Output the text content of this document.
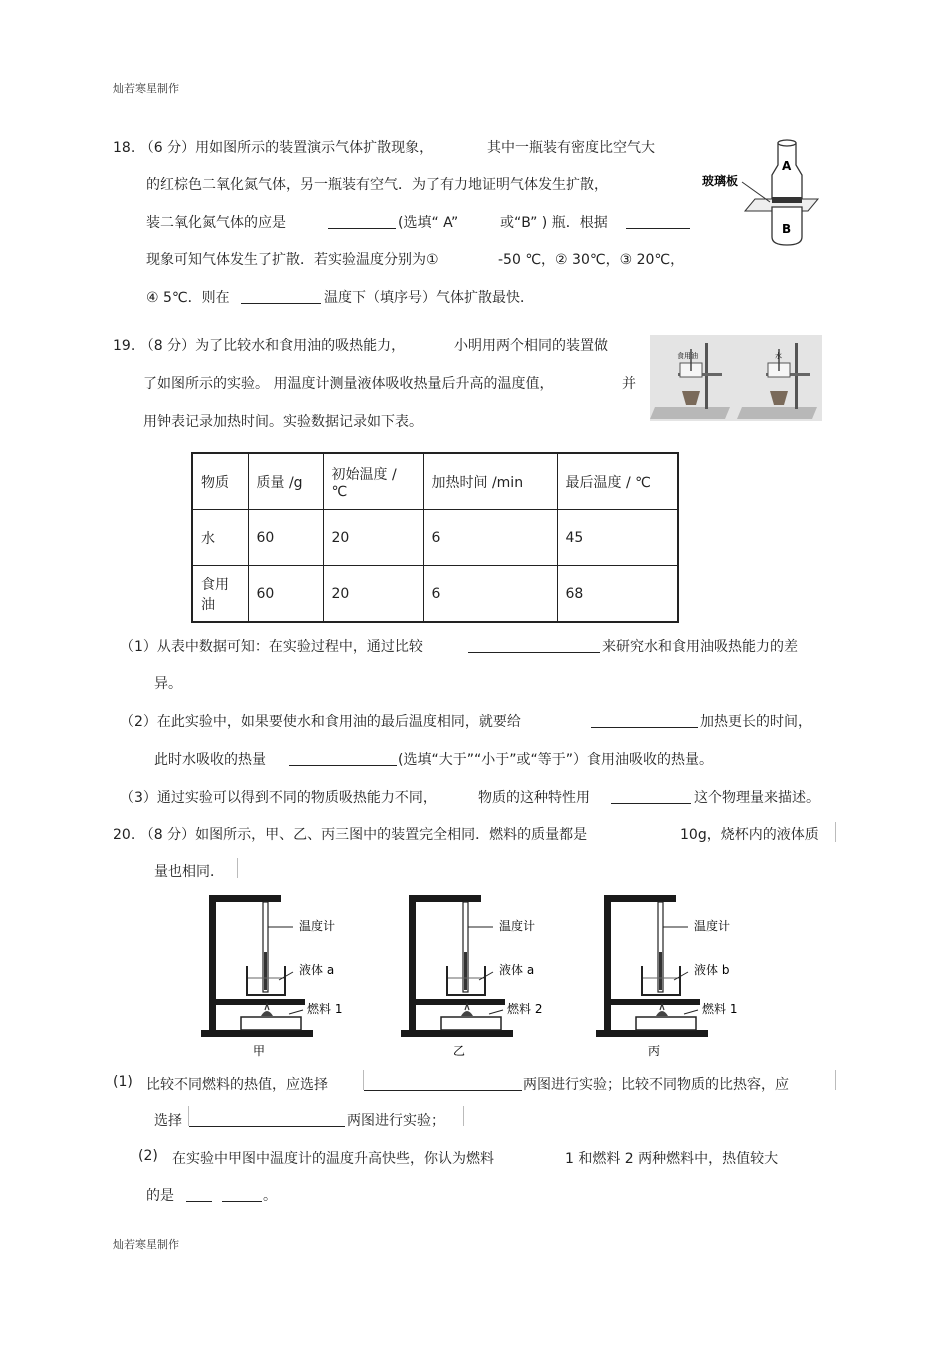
灿若寒星制作
灿若寒星制作
18. （6 分）用如图所示的装置演示气体扩散现象，	其中一瓶装有密度比空气大
的红棕色二氧化氮气体，另一瓶装有空气．为了有力地证明气体发生扩散，
装二氧化氮气体的应是	(选填“ A”	或“B” ) 瓶．根据
现象可知气体发生了扩散．若实验温度分别为①	-50 ℃，② 30℃，③ 20℃，
④ 5℃．则在	温度下（填序号）气体扩散最快．
A
B
玻璃板
19. （8 分）为了比较水和食用油的吸热能力，	小明用两个相同的装置做
了如图所示的实验。 用温度计测量液体吸收热量后升高的温度值，	并
用钟表记录加热时间。实验数据记录如下表。
食用油	水
物质	质量 /g	初始温度 / ℃	加热时间 /min	最后温度 / ℃
水	60	20	6	45
食用油	60	20	6	68
（1）从表中数据可知：在实验过程中，通过比较	来研究水和食用油吸热能力的差
异。
（2）在此实验中，如果要使水和食用油的最后温度相同，就要给	加热更长的时间，
此时水吸收的热量	(选填“大于”“小于”或“等于”）食用油吸收的热量。
（3）通过实验可以得到不同的物质吸热能力不同，	物质的这种特性用	这个物理量来描述。
20. （8 分）如图所示，甲、乙、丙三图中的装置完全相同．燃料的质量都是	10g，烧杯内的液体质
量也相同．
温度计
液体 a
燃料 1
甲
温度计
液体 a
燃料 2
乙
温度计
液体 b
燃料 1
丙
(1) 比较不同燃料的热值，应选择	两图进行实验；比较不同物质的比热容，应
选择	两图进行实验；
(2) 在实验中甲图中温度计的温度升高快些，你认为燃料	1 和燃料 2 两种燃料中，热值较大
的是	。
